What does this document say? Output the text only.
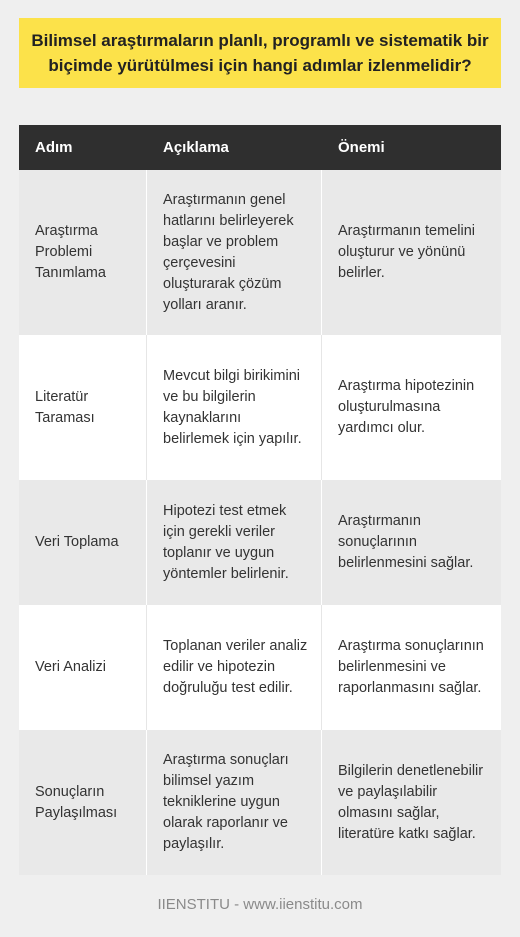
Bilimsel araştırmaların planlı, programlı ve sistematik bir biçimde yürütülmesi için hangi adımlar izlenmelidir?
Adım	Açıklama	Önemi
Araştırma Problemi Tanımlama
Araştırmanın genel hatlarını belirleyerek başlar ve problem çerçevesini oluşturarak çözüm yolları aranır.
Araştırmanın temelini oluşturur ve yönünü belirler.
Literatür Taraması
Mevcut bilgi birikimini ve bu bilgilerin kaynaklarını belirlemek için yapılır.
Araştırma hipotezinin oluşturulmasına yardımcı olur.
Veri Toplama
Hipotezi test etmek için gerekli veriler toplanır ve uygun yöntemler belirlenir.
Araştırmanın sonuçlarının belirlenmesini sağlar.
Veri Analizi
Toplanan veriler analiz edilir ve hipotezin doğruluğu test edilir.
Araştırma sonuçlarının belirlenmesini ve raporlanmasını sağlar.
Sonuçların Paylaşılması
Araştırma sonuçları bilimsel yazım tekniklerine uygun olarak raporlanır ve paylaşılır.
Bilgilerin denetlenebilir ve paylaşılabilir olmasını sağlar, literatüre katkı sağlar.
IIENSTITU - www.iienstitu.com
